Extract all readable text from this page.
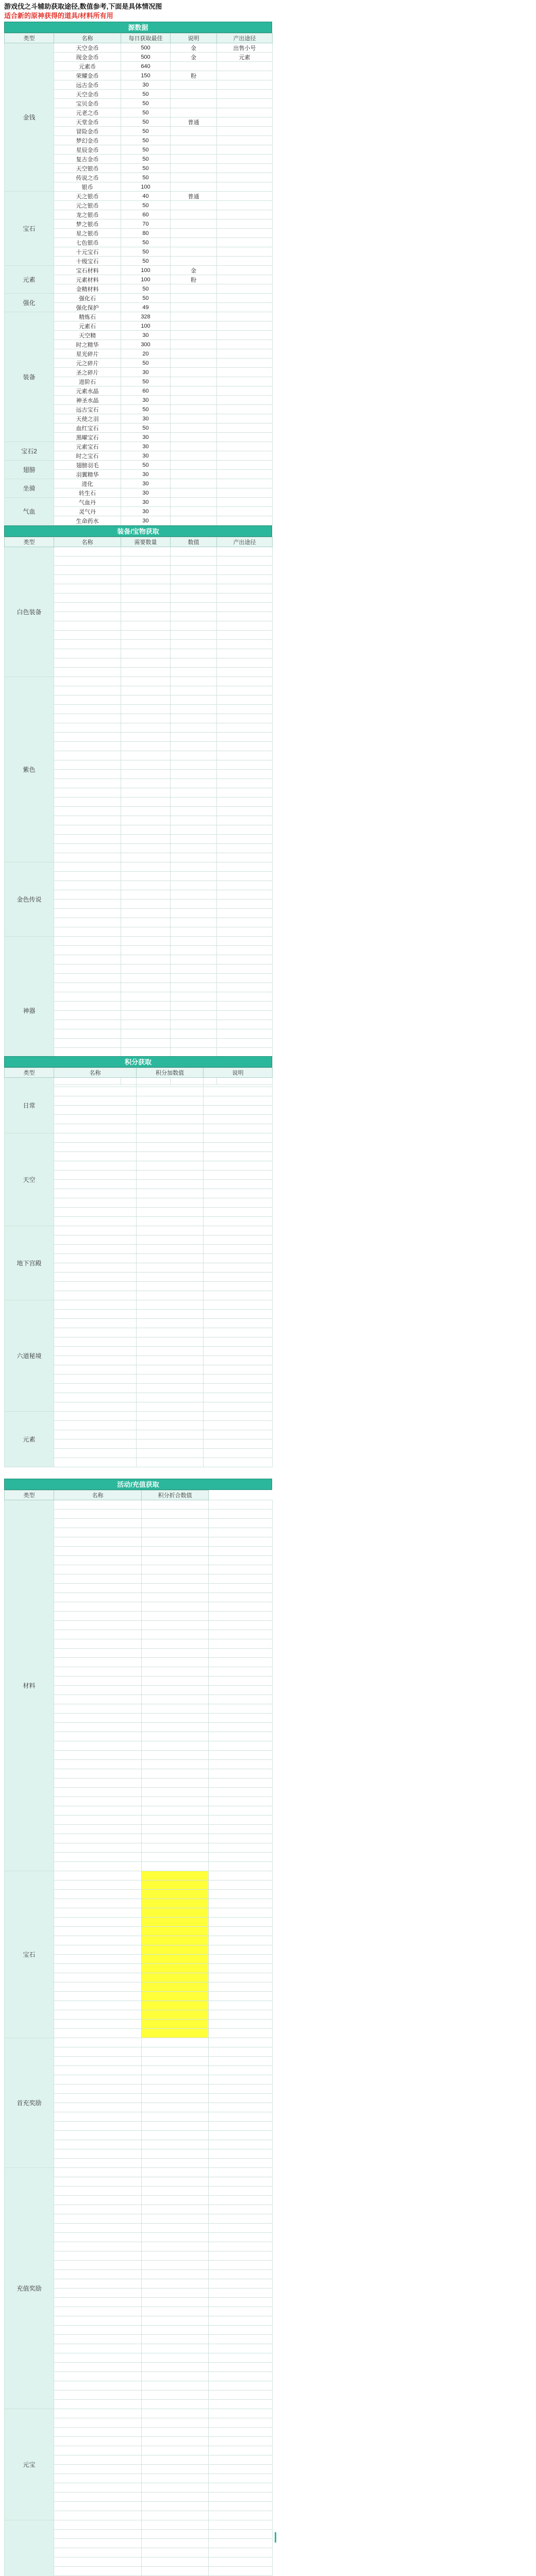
游戏伐之斗辅助获取途径,数值参考,下面是具体情况图
适合新的原神获得的道具/材料所有用
源数据
类型	名称	每日获取最佳	说明	产出途径
金钱	天空金币	500	金	出售小号
	现金金币	500	金	元素
	元素币	640		
	荣耀金币	150	粉	
	远古金币	30		
	天空金币	50		
	宝贝金币	50		
	元老之币	50		
	天堂金币	50	普通	
	冒险金币	50		
	梦幻金币	50		
	星辰金币	50		
	复古金币	50		
	天空银币	50		
	传说之币	50		
	银币	100		
宝石	天之银币	40	普通	
	元之银币	50		
	龙之银币	60		
	梦之银币	70		
	星之银币	80		
	七色银币	50		
	十元宝石	50		
	十级宝石	50		
元素	宝石材料	100	金	
	元素材料	100	粉	
	金精材料	50		
强化	强化石	50		
	强化保护	49		
装备	精炼石	328		
	元素石	100		
	天空精	30		
	时之精华	300		
	星光碎片	20		
	元之碎片	50		
	圣之碎片	30		
	进阶石	50		
	元素水晶	60		
	神圣水晶	30		
	远古宝石	50		
	天使之羽	30		
	血红宝石	50		
	黑曜宝石	30		
宝石2	元素宝石	30		
	时之宝石	30		
翅膀	翅膀羽毛	50		
	羽翼精华	30		
坐骑	进化	30		
	转生石	30		
气血	气血丹	30		
	灵气丹	30		
	生命药水	30		
装备/宝物获取
类型	名称	需要数量	数值	产出途径
白色装备				

紫色				

金色传说				

神器				

积分获取
类型	名称	积分加数值	说明
日常			

天空			

地下宫殿			

六道秘境			

元素			

活动/充值获取
类型	名称	积分折合数值	
材料			

宝石			

首充奖励			

充值奖励			

元宝			
